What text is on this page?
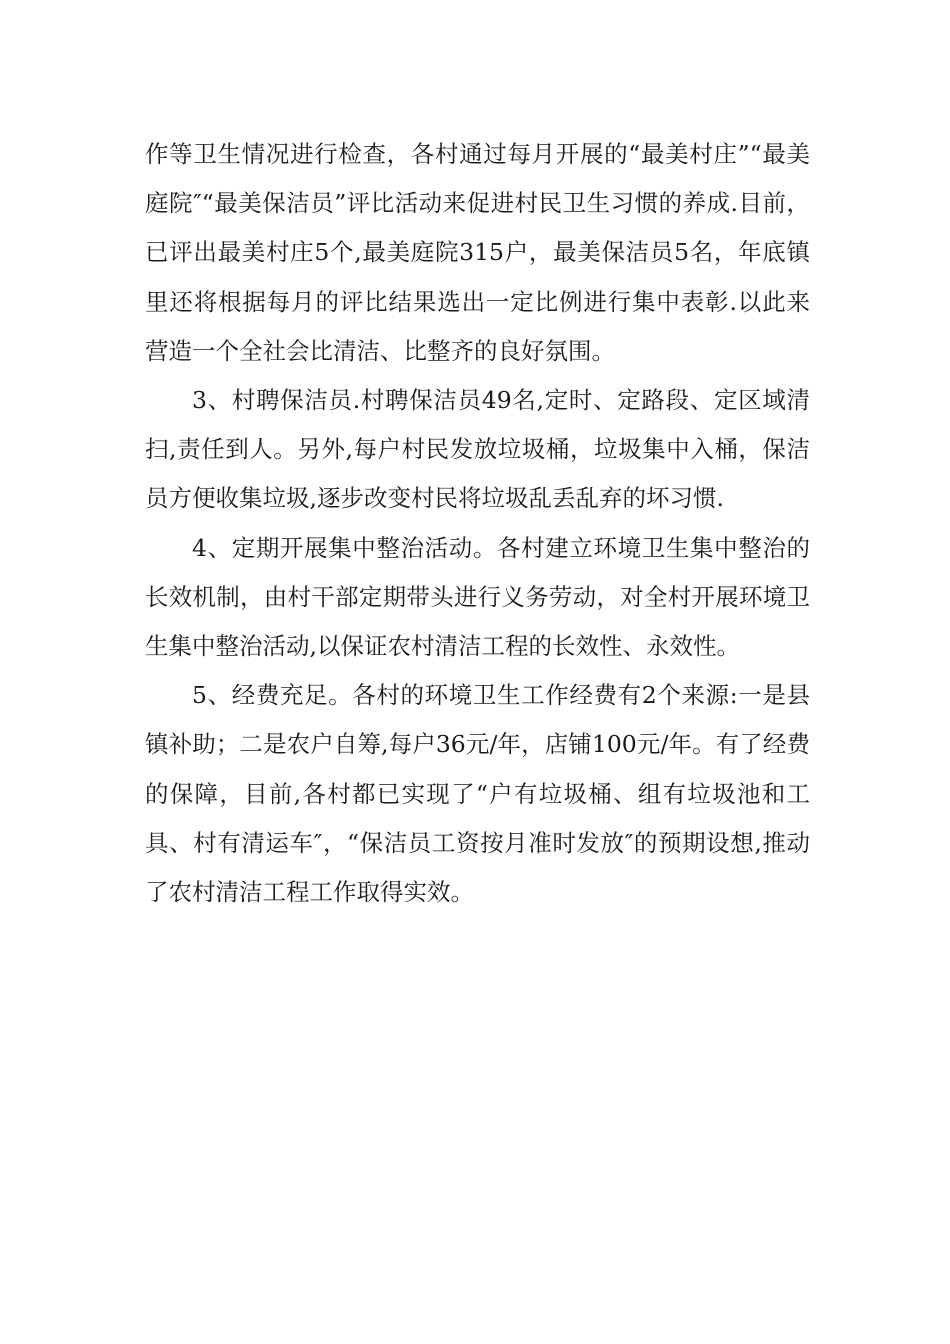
作等卫生情况进行检查，各村通过每月开展的“最美村庄”“最美庭院″“最美保洁员”评比活动来促进村民卫生习惯的养成.目前，已评出最美村庄5个,最美庭院315户，最美保洁员5名，年底镇里还将根据每月的评比结果选出一定比例进行集中表彰.以此来营造一个全社会比清洁、比整齐的良好氛围。

3、村聘保洁员.村聘保洁员49名,定时、定路段、定区域清扫,责任到人。另外,每户村民发放垃圾桶，垃圾集中入桶，保洁员方便收集垃圾,逐步改变村民将垃圾乱丢乱弃的坏习惯.

4、定期开展集中整治活动。各村建立环境卫生集中整治的长效机制，由村干部定期带头进行义务劳动，对全村开展环境卫生集中整治活动,以保证农村清洁工程的长效性、永效性。

5、经费充足。各村的环境卫生工作经费有2个来源:一是县镇补助；二是农户自筹,每户36元/年，店铺100元/年。有了经费的保障，目前,各村都已实现了“户有垃圾桶、组有垃圾池和工具、村有清运车″，“保洁员工资按月准时发放″的预期设想,推动了农村清洁工程工作取得实效。
